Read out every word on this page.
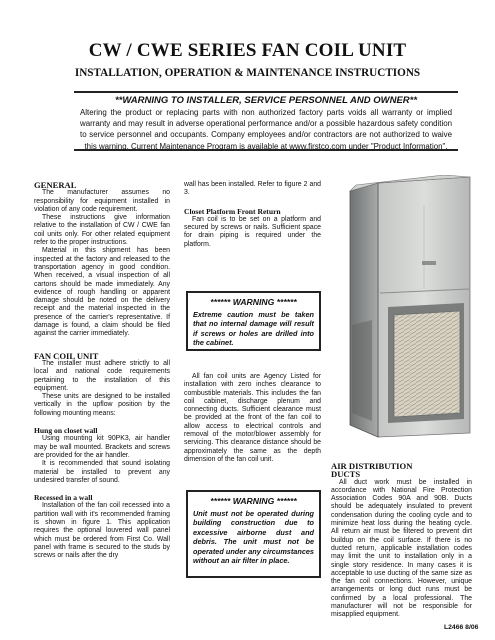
CW / CWE SERIES FAN COIL UNIT
INSTALLATION, OPERATION & MAINTENANCE INSTRUCTIONS
**WARNING TO INSTALLER, SERVICE PERSONNEL AND OWNER**
Altering the product or replacing parts with non authorized factory parts voids all warranty or implied warranty and may result in adverse operational performance and/or a possible hazardous safety condition to service personnel and occupants. Company employees and/or contractors are not authorized to waive this warning. Current Maintenance Program is available at www.firstco.com under "Product Information".

GENERAL

The manufacturer assumes no responsibility for equipment installed in violation of any code requirement.

These instructions give information relative to the installation of CW / CWE fan coil units only. For other related equipment refer to the proper instructions.

Material in this shipment has been inspected at the factory and released to the transportation agency in good condition. When received, a visual inspection of all cartons should be made immediately. Any evidence of rough handling or apparent damage should be noted on the delivery receipt and the material inspected in the presence of the carrier's representative. If damage is found, a claim should be filed against the carrier immediately.

FAN COIL UNIT

The installer must adhere strictly to all local and national code requirements pertaining to the installation of this equipment.

These units are designed to be installed vertically in the upflow position by the following mounting means:

Hung on closet wall

Using mounting kit 90PK3, air handler may be wall mounted. Brackets and screws are provided for the air handler.

It is recommended that sound isolating material be installed to prevent any undesired transfer of sound.

Recessed in a wall

Installation of the fan coil recessed into a partition wall with it's recommended framing is shown in figure 1. This application requires the optional louvered wall panel which must be ordered from First Co. Wall panel with frame is secured to the studs by screws or nails after the dry

wall has been installed. Refer to figure 2 and 3.

Closet Platform Front Return

Fan coil is to be set on a platform and secured by screws or nails. Sufficient space for drain piping is required under the platform.

****** WARNING ******
Extreme caution must be taken that no internal damage will result if screws or holes are drilled into the cabinet.

All fan coil units are Agency Listed for installation with zero inches clearance to combustible materials. This includes the fan coil cabinet, discharge plenum and connecting ducts. Sufficient clearance must be provided at the front of the fan coil to allow access to electrical controls and removal of the motor/blower assembly for servicing. This clearance distance should be approximately the same as the depth dimension of the fan coil unit.

****** WARNING ******
Unit must not be operated during building construction due to excessive airborne dust and debris. The unit must not be operated under any circumstances without an air filter in place.

AIR DISTRIBUTION DUCTS

All duct work must be installed in accordance with National Fire Protection Association Codes 90A and 90B. Ducts should be adequately insulated to prevent condensation during the cooling cycle and to minimize heat loss during the heating cycle. All return air must be filtered to prevent dirt buildup on the coil surface. If there is no ducted return, applicable installation codes may limit the unit to installation only in a single story residence. In many cases it is acceptable to use ducting of the same size as the fan coil connections. However, unique arrangements or long duct runs must be confirmed by a local professional. The manufacturer will not be responsible for misapplied equipment.

L2466 8/06
